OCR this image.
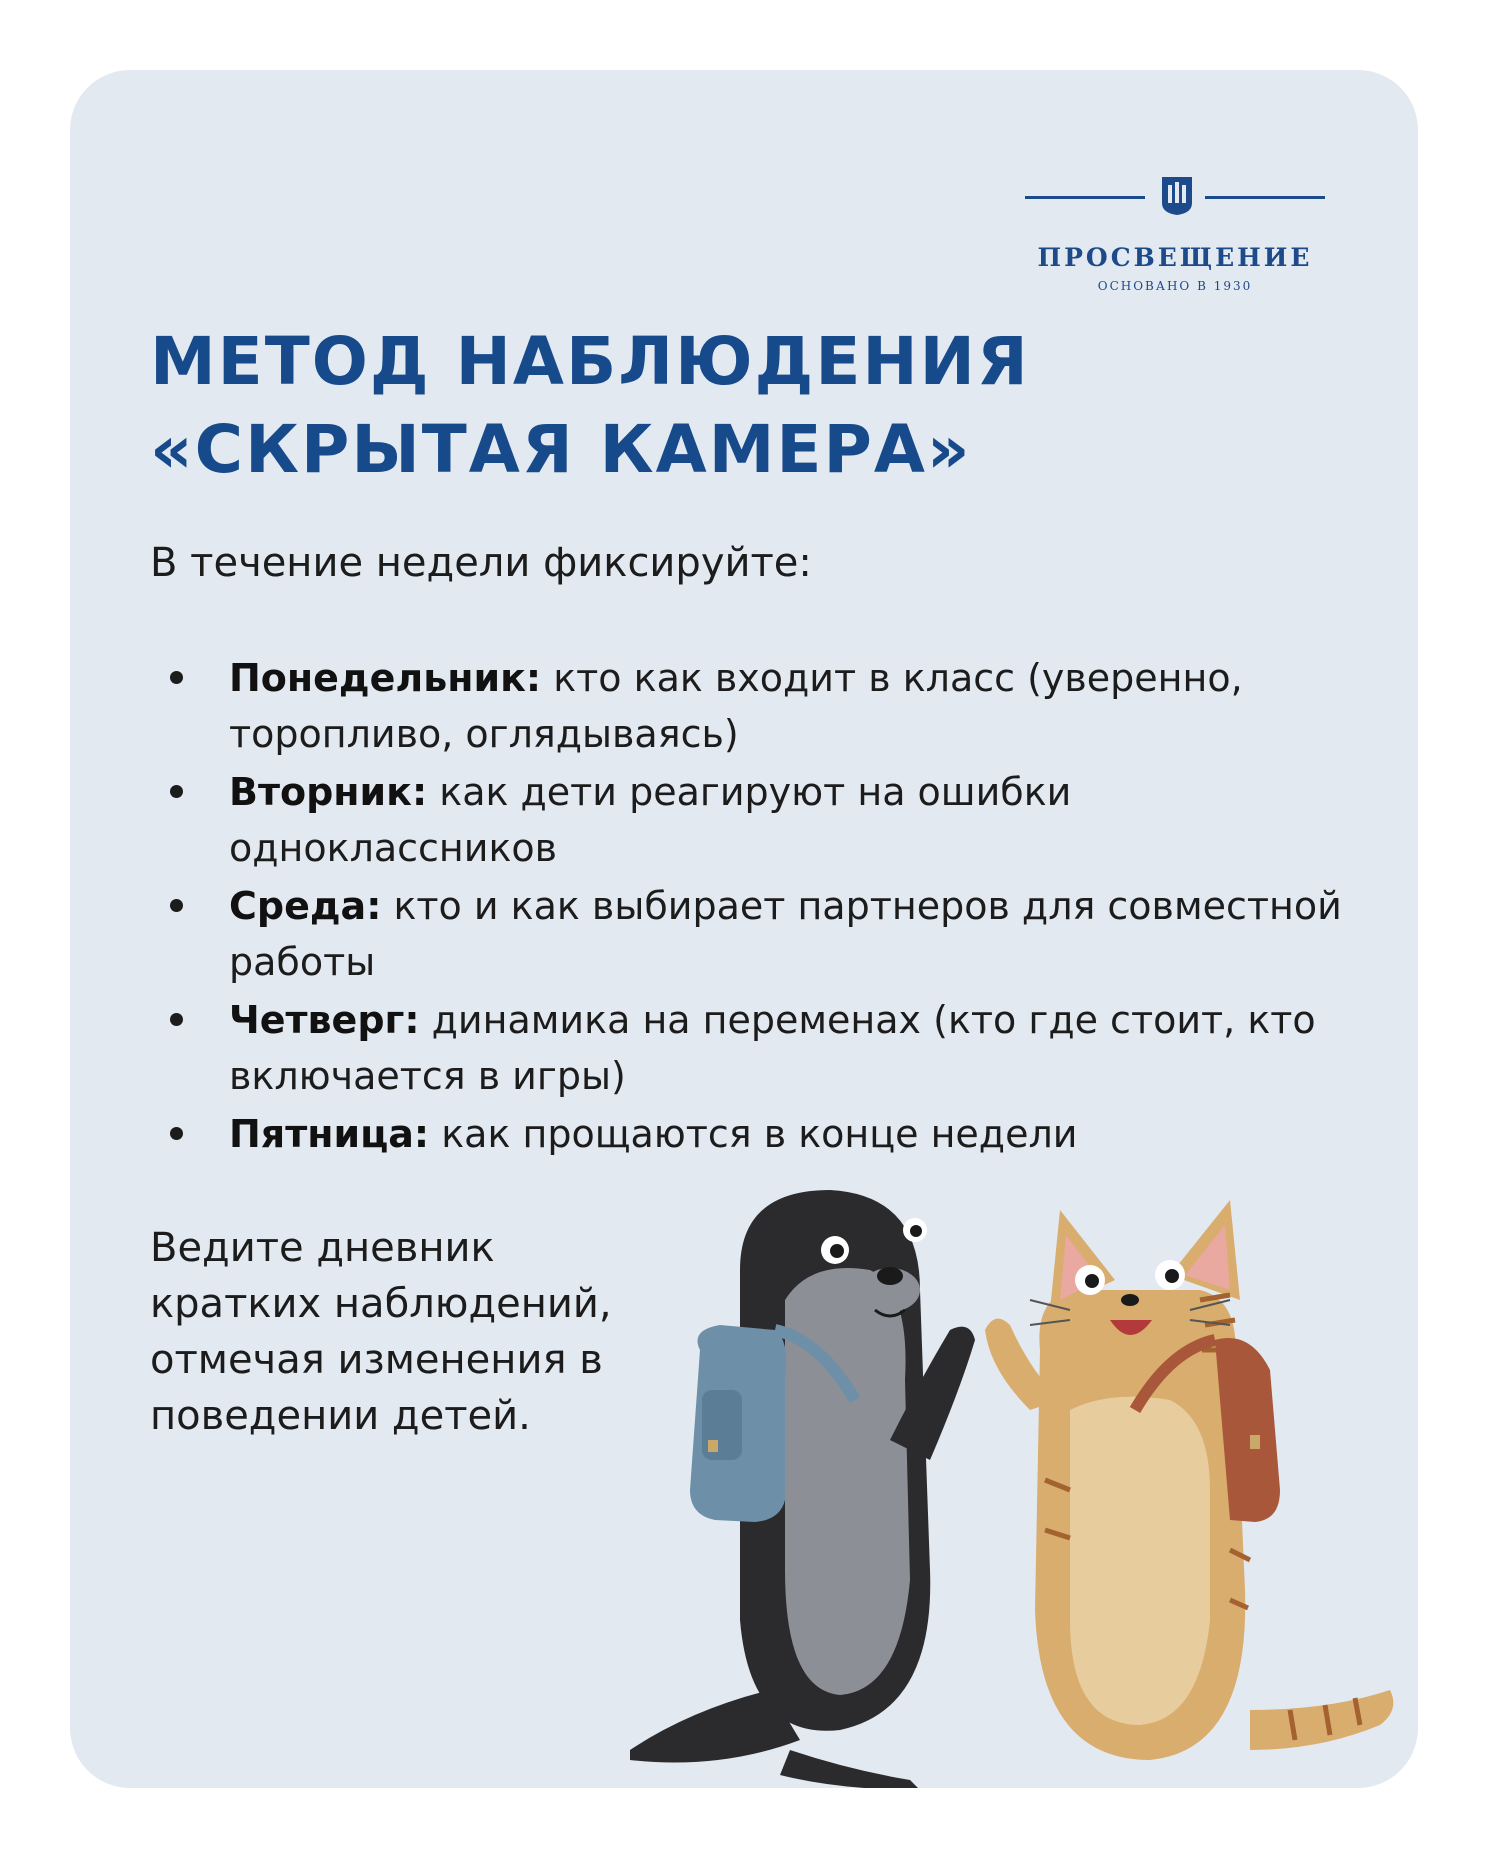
ПРОСВЕЩЕНИЕ
ОСНОВАНО В 1930
МЕТОД НАБЛЮДЕНИЯ
«СКРЫТАЯ КАМЕРА»
В течение недели фиксируйте:
Понедельник: кто как входит в класс (уверенно, торопливо, оглядываясь)
Вторник: как дети реагируют на ошибки одноклассников
Среда: кто и как выбирает партнеров для совместной работы
Четверг: динамика на переменах (кто где стоит, кто включается в игры)
Пятница: как прощаются в конце недели
Ведите дневник кратких наблюдений, отмечая изменения в поведении детей.
